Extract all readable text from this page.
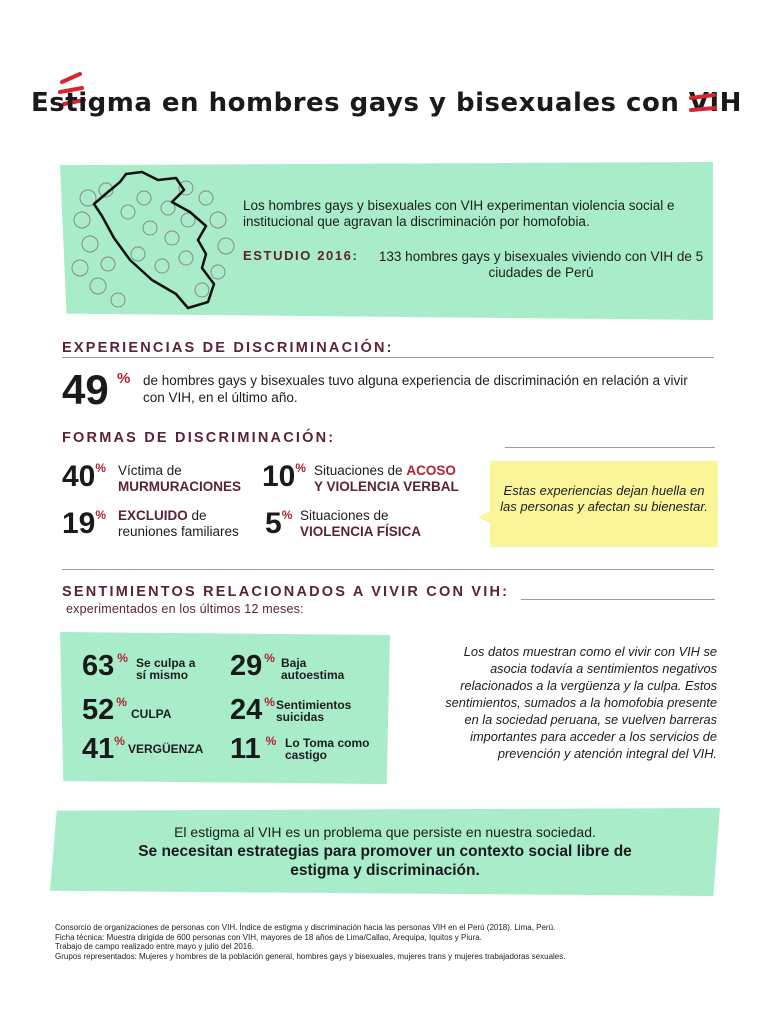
Estigma en hombres gays y bisexuales con VIH
Los hombres gays y bisexuales con VIH experimentan violencia social e institucional que agravan la discriminación por homofobia.
ESTUDIO 2016: 133 hombres gays y bisexuales viviendo con VIH de 5 ciudades de Perú
EXPERIENCIAS DE DISCRIMINACIÓN:
49 % de hombres gays y bisexuales tuvo alguna experiencia de discriminación en relación a vivir con VIH, en el último año.
FORMAS DE DISCRIMINACIÓN:
40% Víctima de
MURMURACIONES 10% Situaciones de ACOSO
Y VIOLENCIA VERBAL
19% EXCLUIDO de reuniones familiares 5% Situaciones de
VIOLENCIA FÍSICA
Estas experiencias dejan huella en las personas y afectan su bienestar.
SENTIMIENTOS RELACIONADOS A VIVIR CON VIH:
experimentados en los últimos 12 meses:
63 % Se culpa a sí mismo	29 % Baja autoestima
52 %
CULPA 24 % Sentimientos suicidas
41%
VERGÜENZA 11 % Lo Toma como castigo
Los datos muestran como el vivir con VIH se asocia todavía a sentimientos negativos relacionados a la vergüenza y la culpa. Estos sentimientos, sumados a la homofobia presente en la sociedad peruana, se vuelven barreras importantes para acceder a los servicios de prevención y atención integral del VIH.
El estigma al VIH es un problema que persiste en nuestra sociedad.
Se necesitan estrategias para promover un contexto social libre de estigma y discriminación.
Consorcio de organizaciones de personas con VIH. Índice de estigma y discriminación hacia las personas VIH en el Perú (2018). Lima, Perú.
Ficha técnica: Muestra dirigida de 600 personas con VIH, mayores de 18 años de Lima/Callao, Arequipa, Iquitos y Piura.
Trabajo de campo realizado entre mayo y julio del 2016.
Grupos representados: Mujeres y hombres de la población general, hombres gays y bisexuales, mujeres trans y mujeres trabajadoras sexuales.
